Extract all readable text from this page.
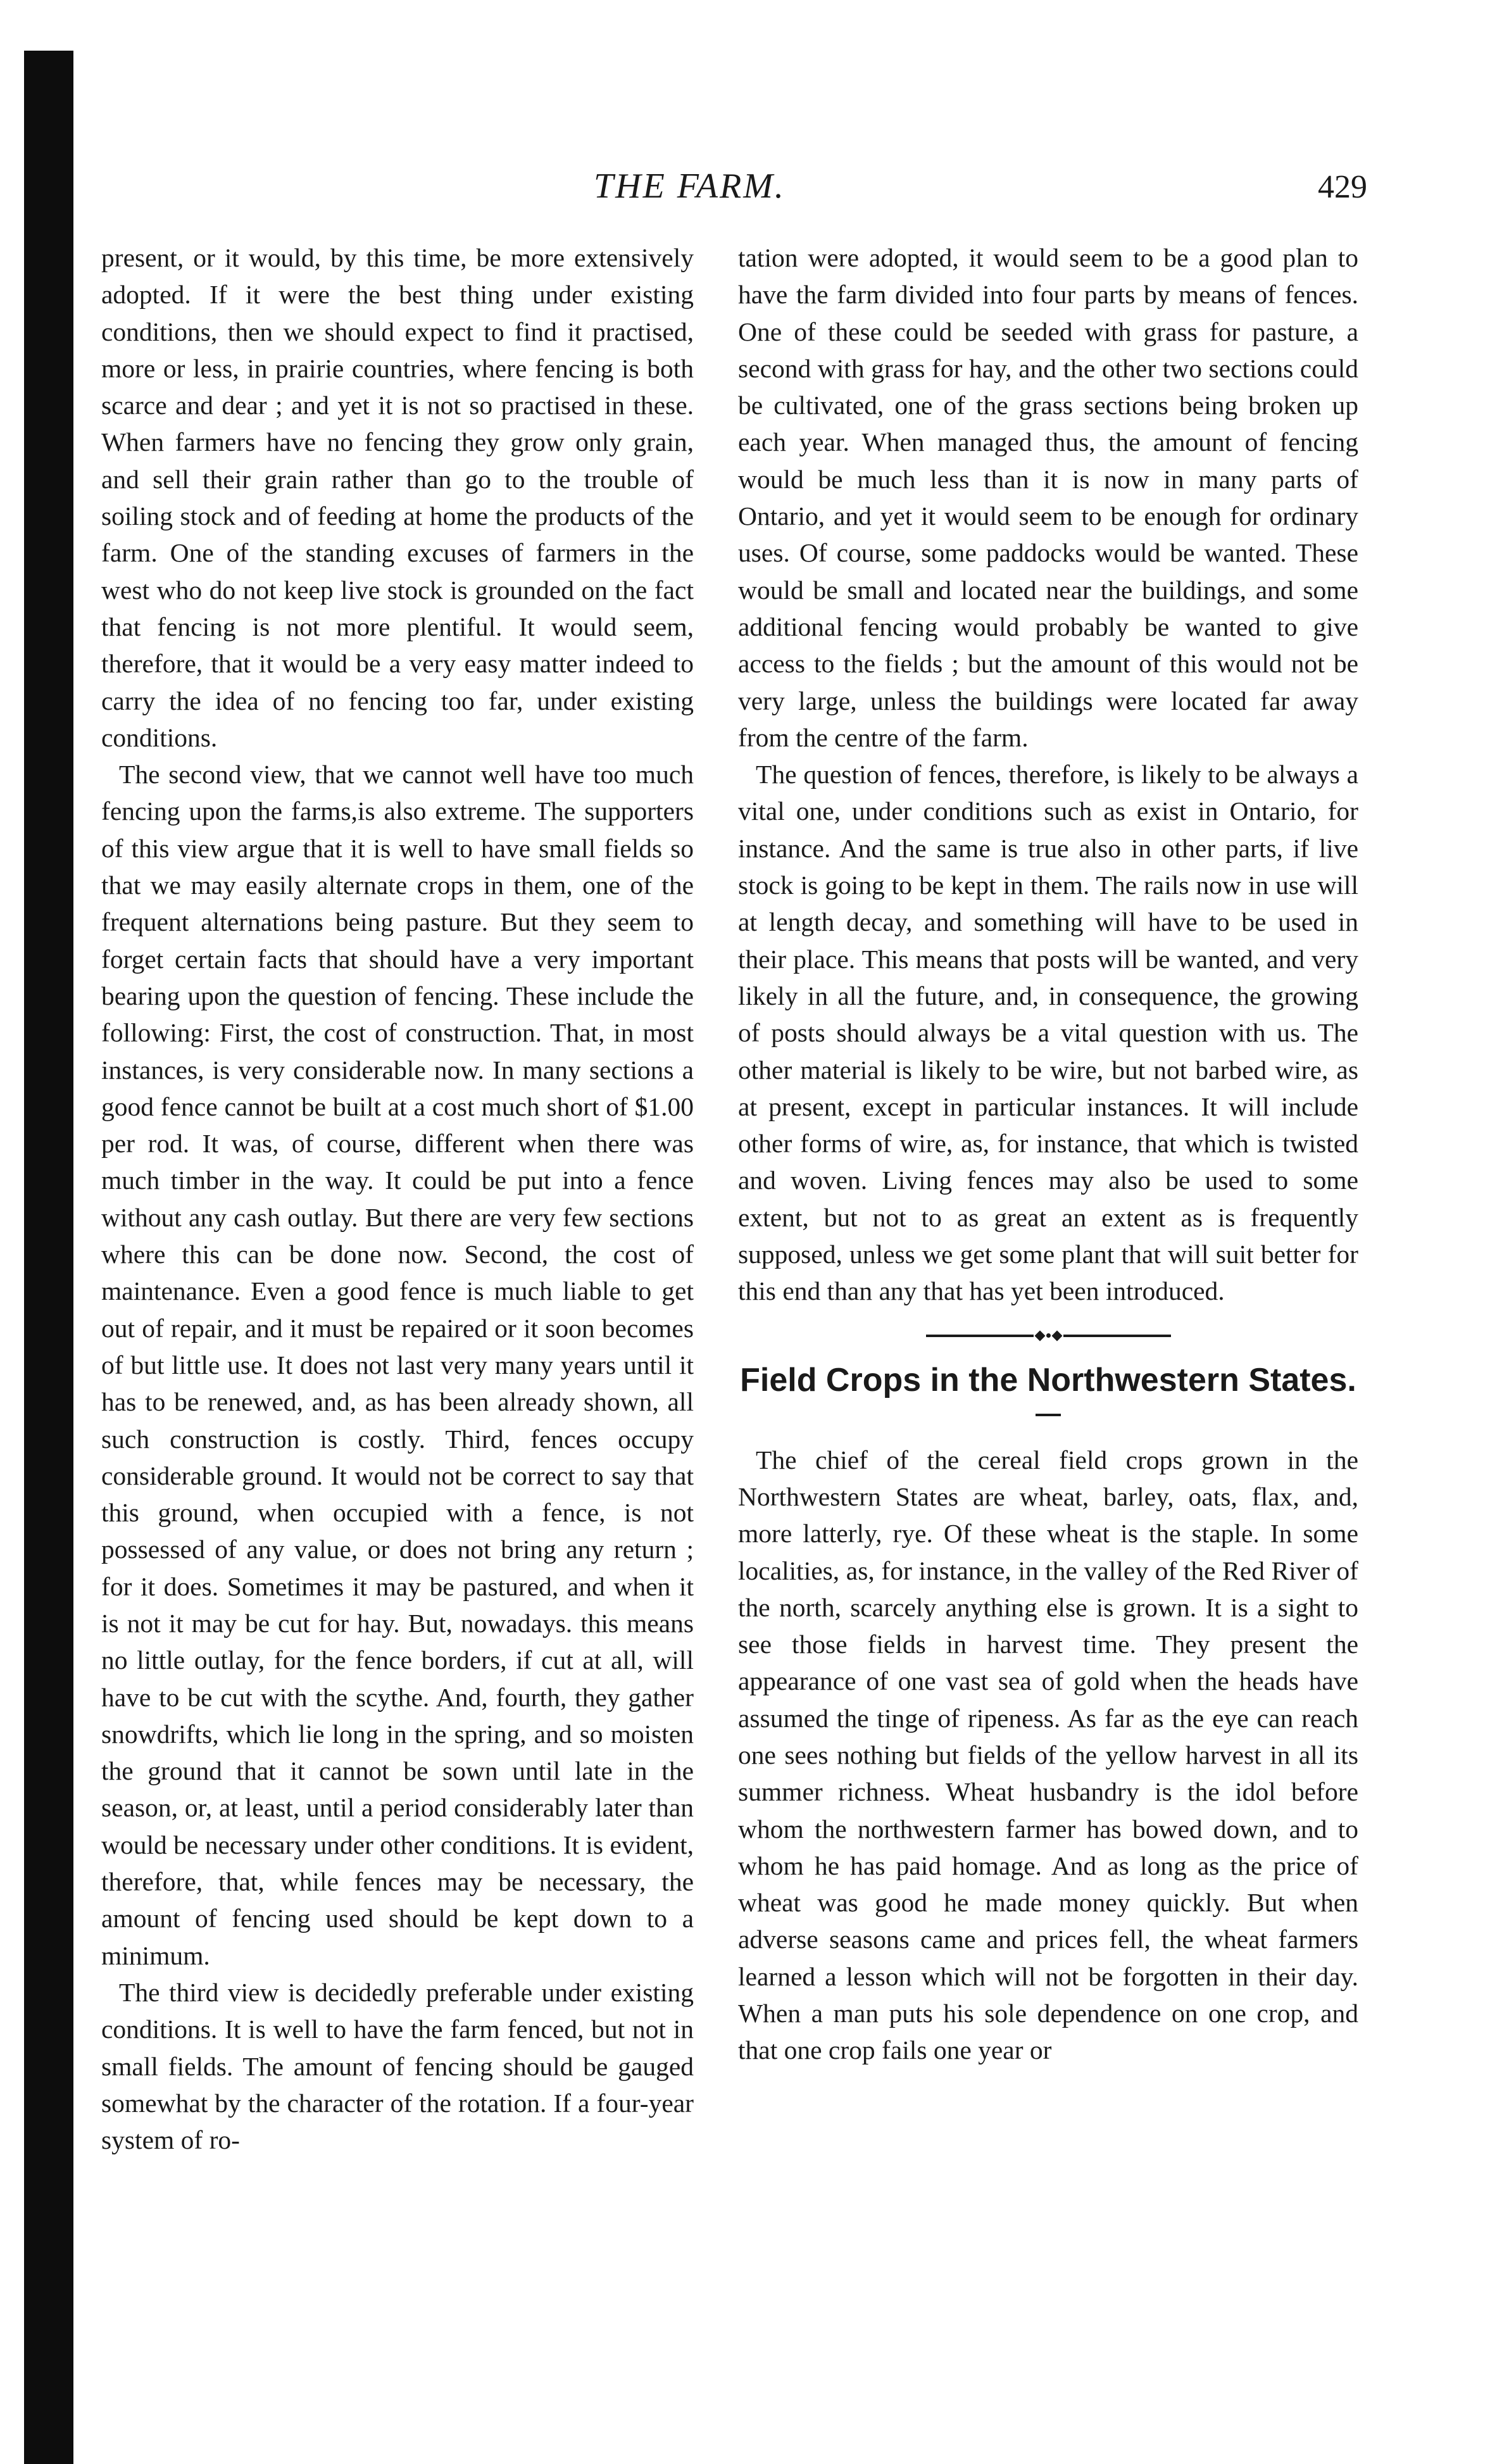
THE FARM.	429

present, or it would, by this time, be more extensively adopted. If it were the best thing under existing conditions, then we should expect to find it practised, more or less, in prairie countries, where fencing is both scarce and dear ; and yet it is not so practised in these. When farmers have no fencing they grow only grain, and sell their grain rather than go to the trouble of soiling stock and of feeding at home the products of the farm. One of the standing excuses of farmers in the west who do not keep live stock is grounded on the fact that fencing is not more plentiful. It would seem, therefore, that it would be a very easy matter indeed to carry the idea of no fencing too far, under existing conditions.

The second view, that we cannot well have too much fencing upon the farms,is also extreme. The supporters of this view argue that it is well to have small fields so that we may easily alternate crops in them, one of the frequent alternations being pasture. But they seem to forget certain facts that should have a very important bearing upon the question of fencing. These include the following: First, the cost of construction. That, in most instances, is very considerable now. In many sections a good fence cannot be built at a cost much short of $1.00 per rod. It was, of course, different when there was much timber in the way. It could be put into a fence without any cash outlay. But there are very few sections where this can be done now. Second, the cost of maintenance. Even a good fence is much liable to get out of repair, and it must be repaired or it soon becomes of but little use. It does not last very many years until it has to be renewed, and, as has been already shown, all such construction is costly. Third, fences occupy considerable ground. It would not be correct to say that this ground, when occupied with a fence, is not possessed of any value, or does not bring any return ; for it does. Sometimes it may be pastured, and when it is not it may be cut for hay. But, nowadays. this means no little outlay, for the fence borders, if cut at all, will have to be cut with the scythe. And, fourth, they gather snowdrifts, which lie long in the spring, and so moisten the ground that it cannot be sown until late in the season, or, at least, until a period considerably later than would be necessary under other conditions. It is evident, therefore, that, while fences may be necessary, the amount of fencing used should be kept down to a minimum.

The third view is decidedly preferable under existing conditions. It is well to have the farm fenced, but not in small fields. The amount of fencing should be gauged somewhat by the character of the rotation. If a four-year system of ro-

tation were adopted, it would seem to be a good plan to have the farm divided into four parts by means of fences. One of these could be seeded with grass for pasture, a second with grass for hay, and the other two sections could be cultivated, one of the grass sections being broken up each year. When managed thus, the amount of fencing would be much less than it is now in many parts of Ontario, and yet it would seem to be enough for ordinary uses. Of course, some paddocks would be wanted. These would be small and located near the buildings, and some additional fencing would probably be wanted to give access to the fields ; but the amount of this would not be very large, unless the buildings were located far away from the centre of the farm.

The question of fences, therefore, is likely to be always a vital one, under conditions such as exist in Ontario, for instance. And the same is true also in other parts, if live stock is going to be kept in them. The rails now in use will at length decay, and something will have to be used in their place. This means that posts will be wanted, and very likely in all the future, and, in consequence, the growing of posts should always be a vital question with us. The other material is likely to be wire, but not barbed wire, as at present, except in particular instances. It will include other forms of wire, as, for instance, that which is twisted and woven. Living fences may also be used to some extent, but not to as great an extent as is frequently supposed, unless we get some plant that will suit better for this end than any that has yet been introduced.

Field Crops in the Northwestern States.

The chief of the cereal field crops grown in the Northwestern States are wheat, barley, oats, flax, and, more latterly, rye. Of these wheat is the staple. In some localities, as, for instance, in the valley of the Red River of the north, scarcely anything else is grown. It is a sight to see those fields in harvest time. They present the appearance of one vast sea of gold when the heads have assumed the tinge of ripeness. As far as the eye can reach one sees nothing but fields of the yellow harvest in all its summer richness. Wheat husbandry is the idol before whom the northwestern farmer has bowed down, and to whom he has paid homage. And as long as the price of wheat was good he made money quickly. But when adverse seasons came and prices fell, the wheat farmers learned a lesson which will not be forgotten in their day. When a man puts his sole dependence on one crop, and that one crop fails one year or
